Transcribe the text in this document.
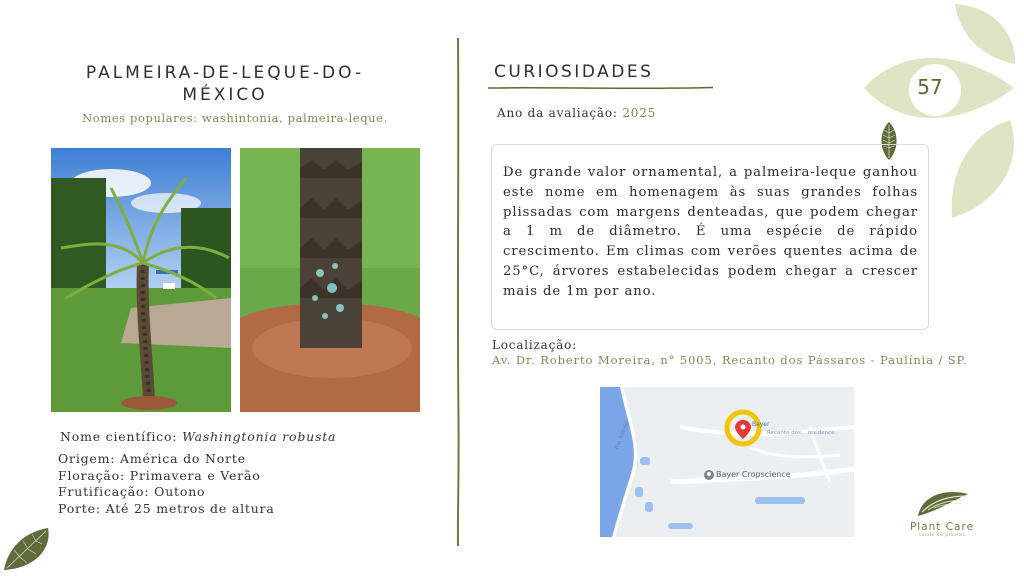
57
PALMEIRA-DE-LEQUE-DO-MÉXICO
Nomes populares: washintonia, palmeira-leque.
Nome científico: Washingtonia robusta
Origem: América do Norte
Floração: Primavera e Verão
Frutificação: Outono
Porte: Até 25 metros de altura
CURIOSIDADES
Ano da avaliação: 2025
De grande valor ornamental, a palmeira-leque ganhou este nome em homenagem às suas grandes folhas plissadas com margens denteadas, que podem chegar a 1 m de diâmetro. É uma espécie de rápido crescimento. Em climas com verões quentes acima de 25°C, árvores estabelecidas podem chegar a crescer mais de 1m por ano.
Localização:
Av. Dr. Roberto Moreira, n° 5005, Recanto dos Pássaros - Paulínia / SP.
Bayer
Recanto dos... residence
Bayer Cropscience
Rio Atibaia
Plant Care
saúde de plantas
